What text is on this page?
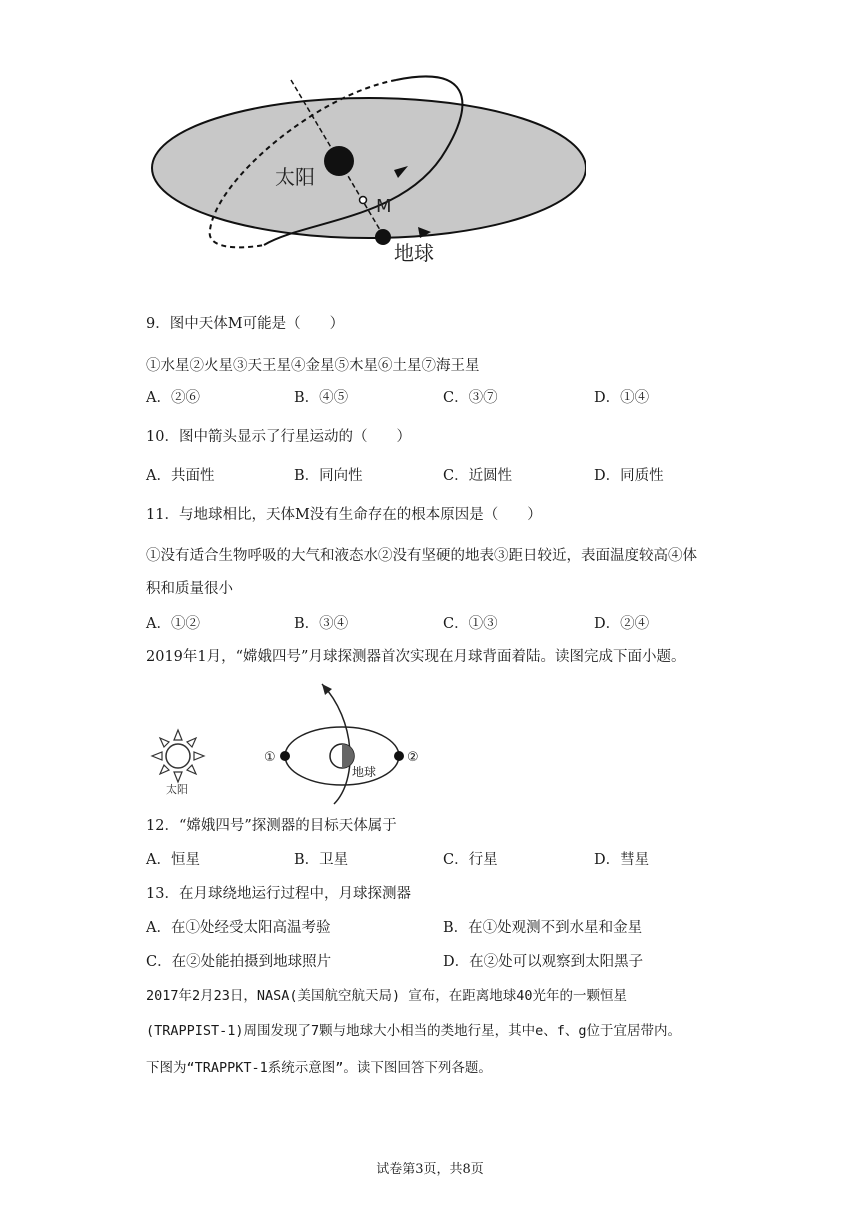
太阳
M
地球
9．图中天体M可能是（　　）
①水星②火星③天王星④金星⑤木星⑥土星⑦海王星
A．②⑥	B．④⑤	C．③⑦	D．①④
10．图中箭头显示了行星运动的（　　）
A．共面性	B．同向性	C．近圆性	D．同质性
11．与地球相比，天体M没有生命存在的根本原因是（　　）
①没有适合生物呼吸的大气和液态水②没有坚硬的地表③距日较近，表面温度较高④体
积和质量很小
A．①②	B．③④	C．①③	D．②④
2019年1月，“嫦娥四号”月球探测器首次实现在月球背面着陆。读图完成下面小题。
太阳
①	②
地球
12．“嫦娥四号”探测器的目标天体属于
A．恒星	B．卫星	C．行星	D．彗星
13．在月球绕地运行过程中，月球探测器
A．在①处经受太阳高温考验	B．在①处观测不到水星和金星
C．在②处能拍摄到地球照片	D．在②处可以观察到太阳黑子
2017年2月23日，NASA(美国航空航天局) 宣布，在距离地球40光年的一颗恒星
(TRAPPIST-1)周围发现了7颗与地球大小相当的类地行星，其中e、f、g位于宜居带内。
下图为“TRAPPKT-1系统示意图”。读下图回答下列各题。
试卷第3页，共8页
